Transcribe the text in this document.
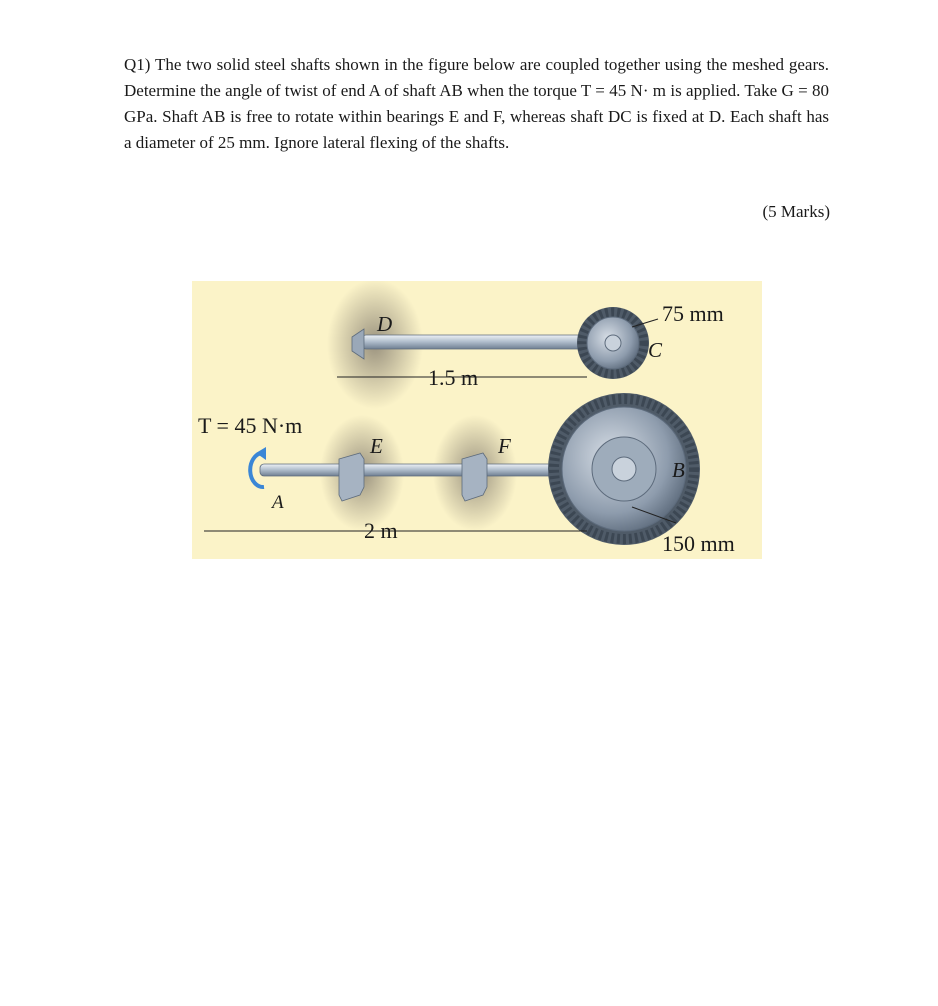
Q1) The two solid steel shafts shown in the figure below are coupled together using the meshed gears. Determine the angle of twist of end A of shaft AB when the torque T = 45 N· m is applied. Take G = 80 GPa. Shaft AB is free to rotate within bearings E and F, whereas shaft DC is fixed at D. Each shaft has a diameter of 25 mm. Ignore lateral flexing of the shafts.

(5 Marks)
D
C
1.5 m
75 mm
T = 45 N·m
E	F
A
B
2 m
150 mm
